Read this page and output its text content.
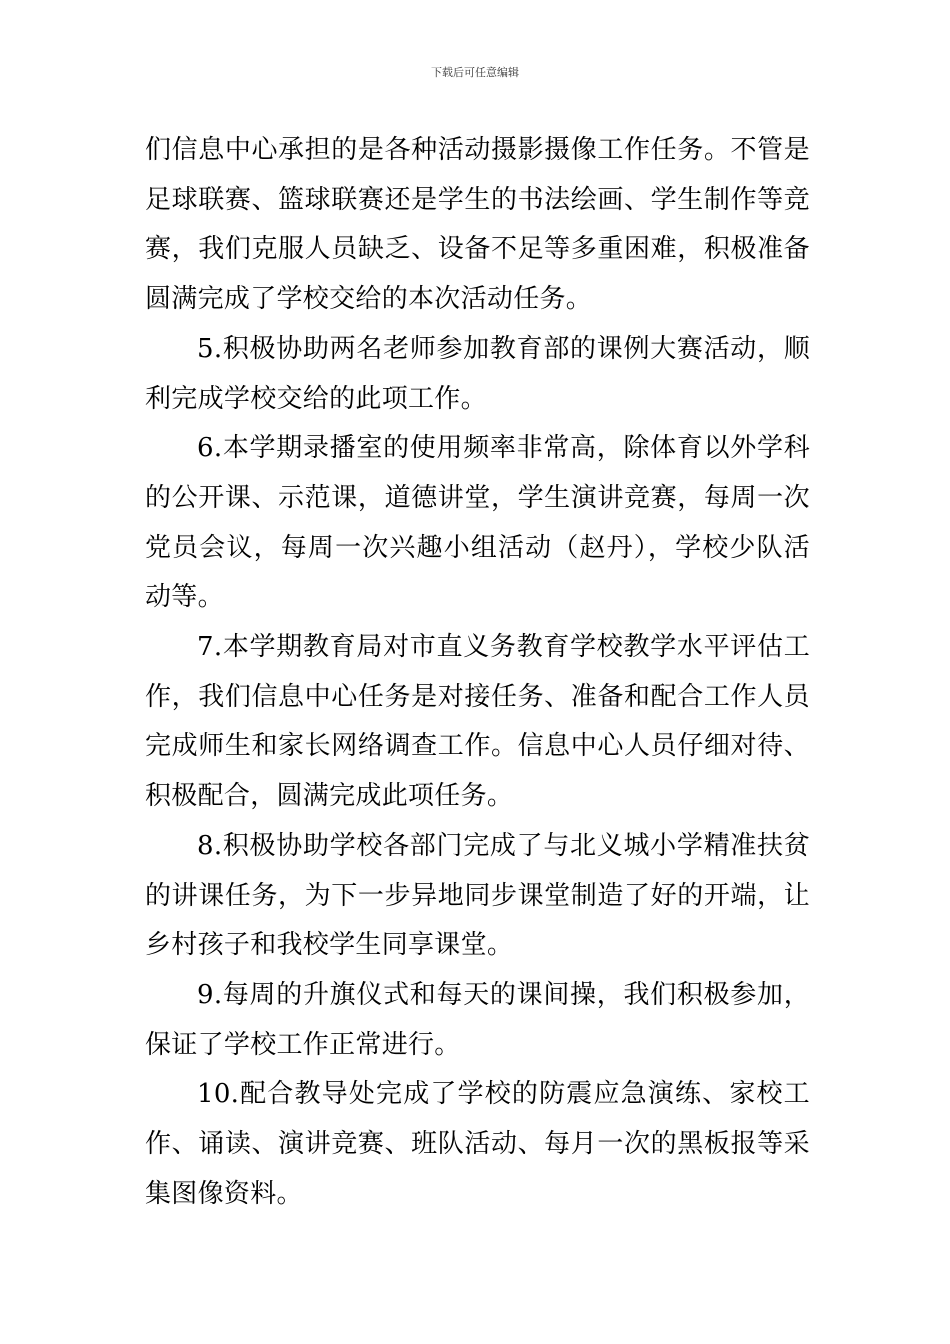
下载后可任意编辑

们信息中心承担的是各种活动摄影摄像工作任务。不管是足球联赛、篮球联赛还是学生的书法绘画、学生制作等竞赛，我们克服人员缺乏、设备不足等多重困难，积极准备圆满完成了学校交给的本次活动任务。

5.积极协助两名老师参加教育部的课例大赛活动，顺利完成学校交给的此项工作。

6.本学期录播室的使用频率非常高，除体育以外学科的公开课、示范课，道德讲堂，学生演讲竞赛，每周一次党员会议，每周一次兴趣小组活动（赵丹），学校少队活动等。

7.本学期教育局对市直义务教育学校教学水平评估工作，我们信息中心任务是对接任务、准备和配合工作人员完成师生和家长网络调查工作。信息中心人员仔细对待、积极配合，圆满完成此项任务。

8.积极协助学校各部门完成了与北义城小学精准扶贫的讲课任务，为下一步异地同步课堂制造了好的开端，让乡村孩子和我校学生同享课堂。

9.每周的升旗仪式和每天的课间操，我们积极参加，保证了学校工作正常进行。

10.配合教导处完成了学校的防震应急演练、家校工作、诵读、演讲竞赛、班队活动、每月一次的黑板报等采集图像资料。
